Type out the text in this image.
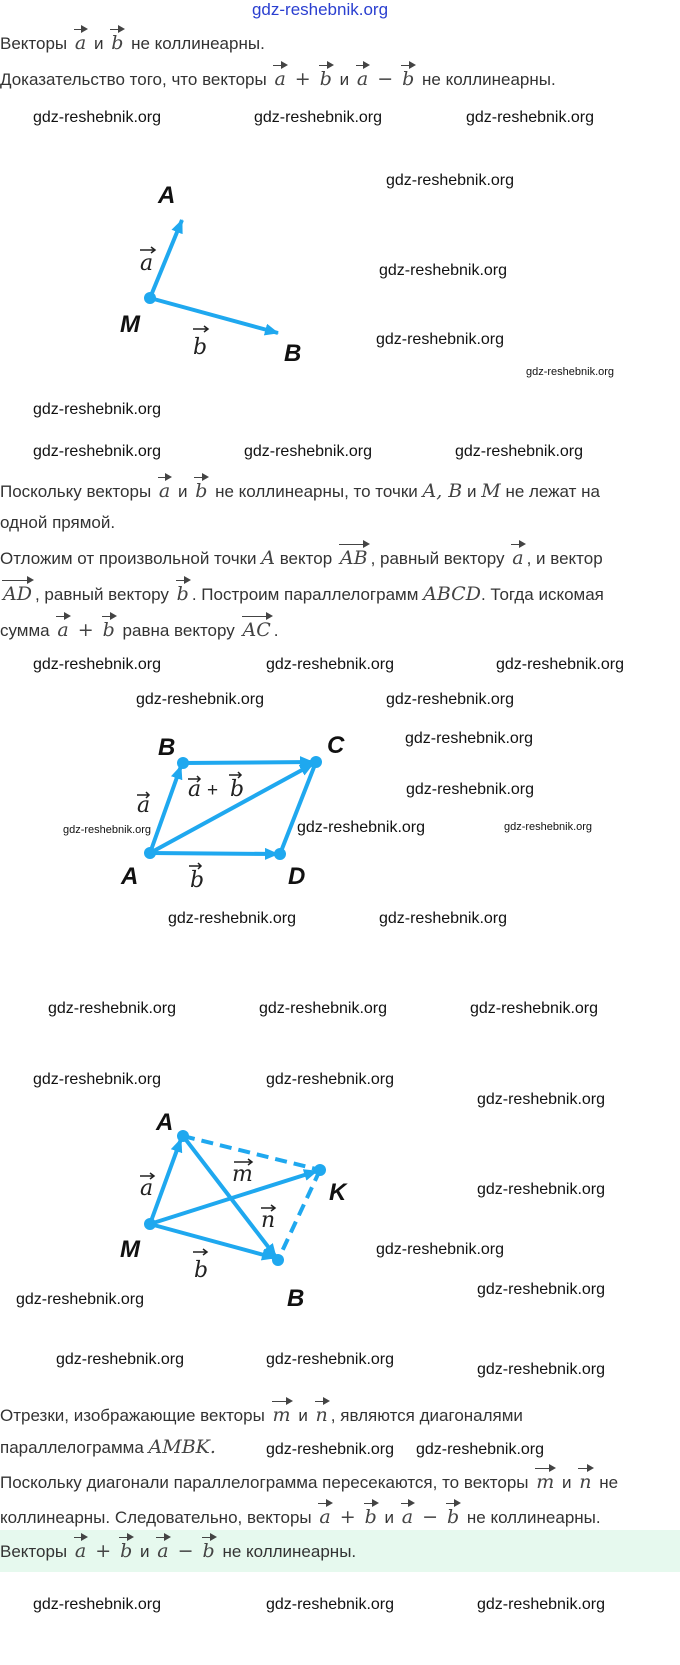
Векторы a и b не коллинеарны.
Доказательство того, что векторы a + b и a − b не коллинеарны.
A
M
B
a
b
B	C
A	D
a
a + b
b
A
K
M
B
a
m
n
b
Поскольку векторы a и b не коллинеарны, то точки A, B и M не лежат на
одной прямой.
Отложим от произвольной точки A вектор AB , равный вектору a , и вектор
AD , равный вектору b . Построим параллелограмм ABCD. Тогда искомая
сумма a + b равна вектору AC .
Отрезки, изображающие векторы m и n , являются диагоналями
параллелограмма AMBK.
Поскольку диагонали параллелограмма пересекаются, то векторы m и n не
коллинеарны. Следовательно, векторы a + b и a − b не коллинеарны.
Векторы a + b и a − b не коллинеарны.
gdz-reshebnik.org
gdz-reshebnik.org
gdz-reshebnik.org	gdz-reshebnik.org
gdz-reshebnik.org
gdz-reshebnik.org
gdz-reshebnik.org
gdz-reshebnik.org
gdz-reshebnik.org
gdz-reshebnik.org	gdz-reshebnik.org	gdz-reshebnik.org
gdz-reshebnik.org	gdz-reshebnik.org	gdz-reshebnik.org
gdz-reshebnik.org	gdz-reshebnik.org
gdz-reshebnik.org
gdz-reshebnik.org
gdz-reshebnik.org	gdz-reshebnik.org	gdz-reshebnik.org
gdz-reshebnik.org	gdz-reshebnik.org
gdz-reshebnik.org	gdz-reshebnik.org	gdz-reshebnik.org
gdz-reshebnik.org	gdz-reshebnik.org
gdz-reshebnik.org
gdz-reshebnik.org
gdz-reshebnik.org
gdz-reshebnik.org
gdz-reshebnik.org
gdz-reshebnik.org	gdz-reshebnik.org
gdz-reshebnik.org
gdz-reshebnik.org gdz-reshebnik.org
gdz-reshebnik.org	gdz-reshebnik.org	gdz-reshebnik.org
